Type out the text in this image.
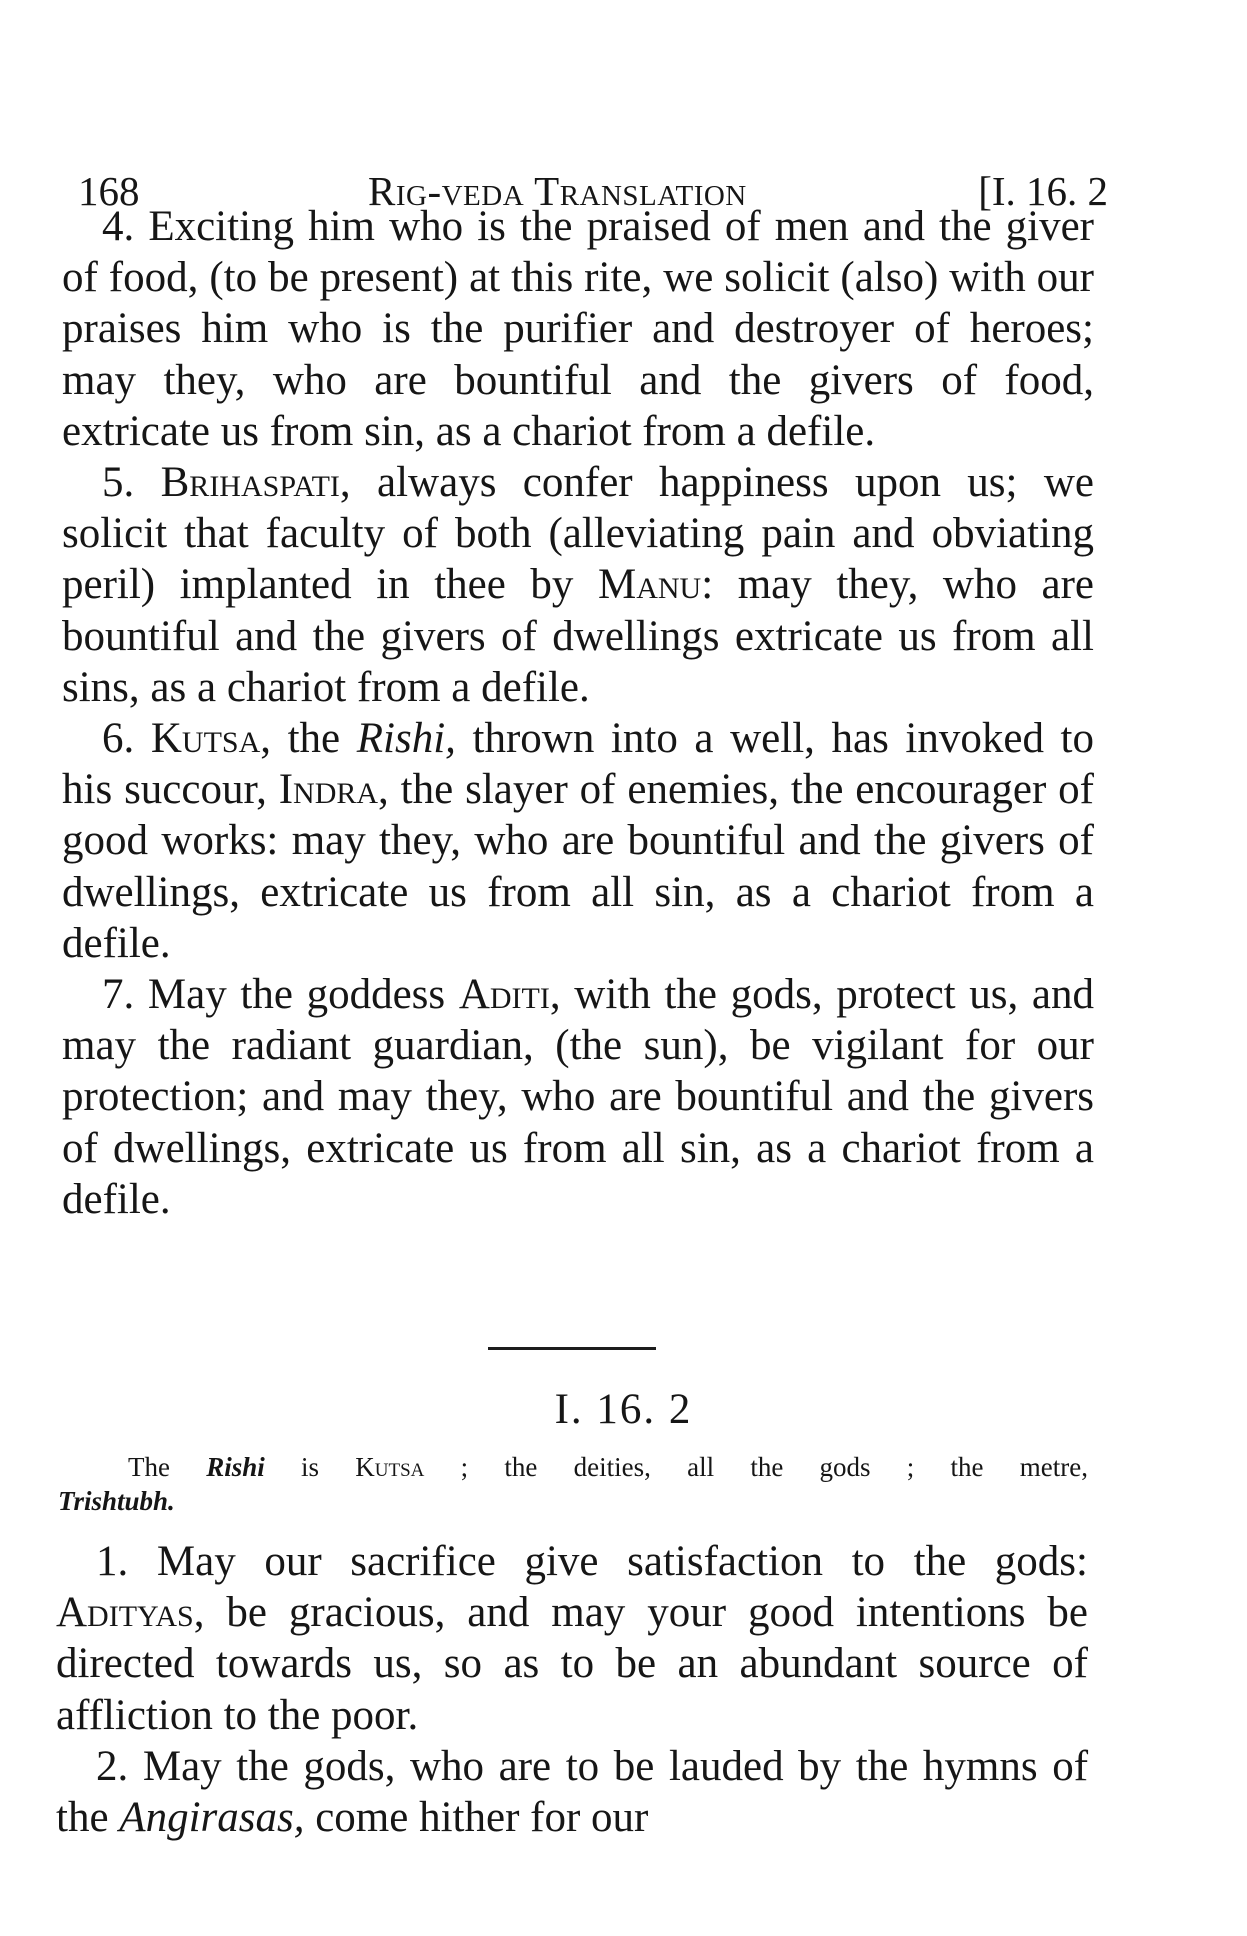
168	Rig-veda Translation	[I. 16. 2

4. Exciting him who is the praised of men and the giver of food, (to be present) at this rite, we solicit (also) with our praises him who is the purifier and destroyer of heroes; may they, who are bountiful and the givers of food, extricate us from sin, as a chariot from a defile.

5. Brihaspati, always confer happiness upon us; we solicit that faculty of both (alleviating pain and obviating peril) implanted in thee by Manu: may they, who are bountiful and the givers of dwellings extricate us from all sins, as a chariot from a defile.

6. Kutsa, the Rishi, thrown into a well, has invoked to his succour, Indra, the slayer of enemies, the encourager of good works: may they, who are bountiful and the givers of dwellings, extricate us from all sin, as a chariot from a defile.

7. May the goddess Aditi, with the gods, protect us, and may the radiant guardian, (the sun), be vigilant for our protection; and may they, who are bountiful and the givers of dwellings, extricate us from all sin, as a chariot from a defile.

I. 16. 2
The Rishi is Kutsa ; the deities, all the gods ; the metre,
Trishtubh.

1. May our sacrifice give satisfaction to the gods: Adityas, be gracious, and may your good intentions be directed towards us, so as to be an abundant source of affliction to the poor.

2. May the gods, who are to be lauded by the hymns of the Angirasas, come hither for our
